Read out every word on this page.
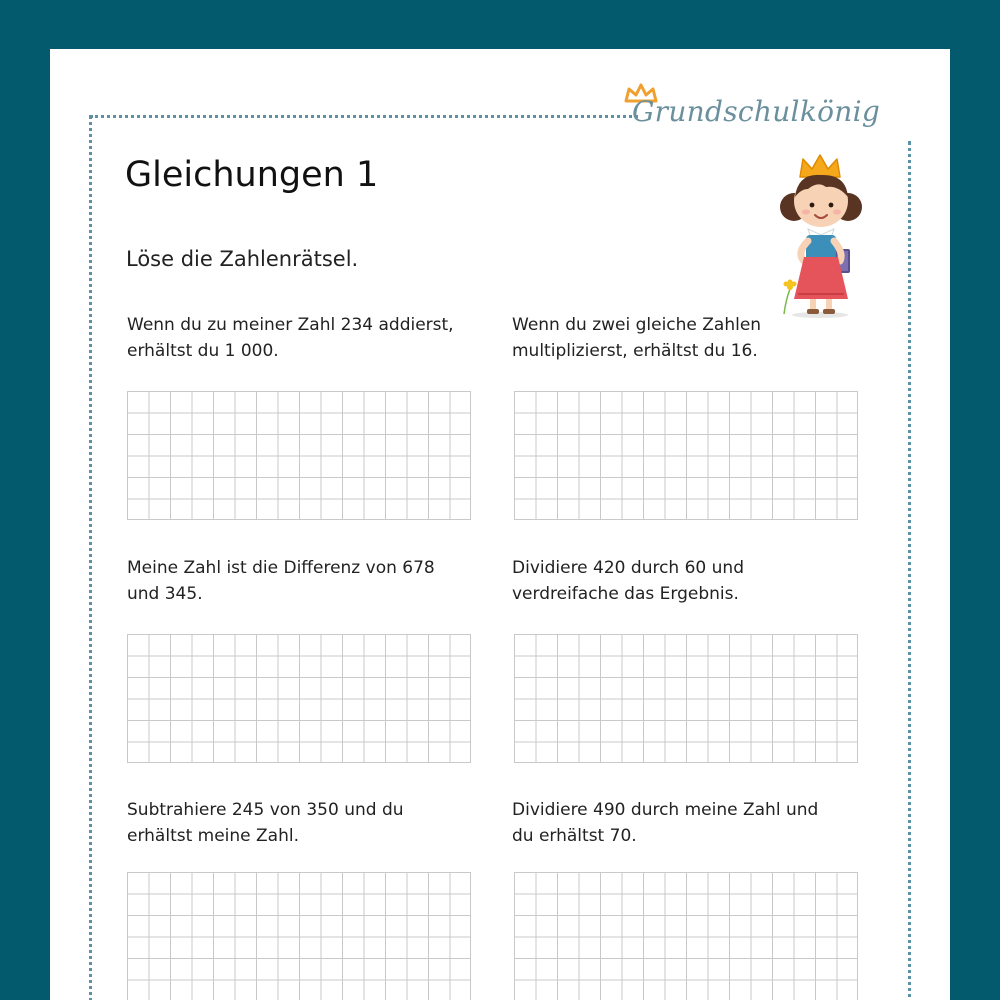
Grundschulkönig
Gleichungen 1
Löse die Zahlenrätsel.
Wenn du zu meiner Zahl 234 addierst,
erhältst du 1 000.
Wenn du zwei gleiche Zahlen
multiplizierst, erhältst du 16.
Meine Zahl ist die Differenz von 678
und 345.
Dividiere 420 durch 60 und
verdreifache das Ergebnis.
Subtrahiere 245 von 350 und du
erhältst meine Zahl.
Dividiere 490 durch meine Zahl und
du erhältst 70.
